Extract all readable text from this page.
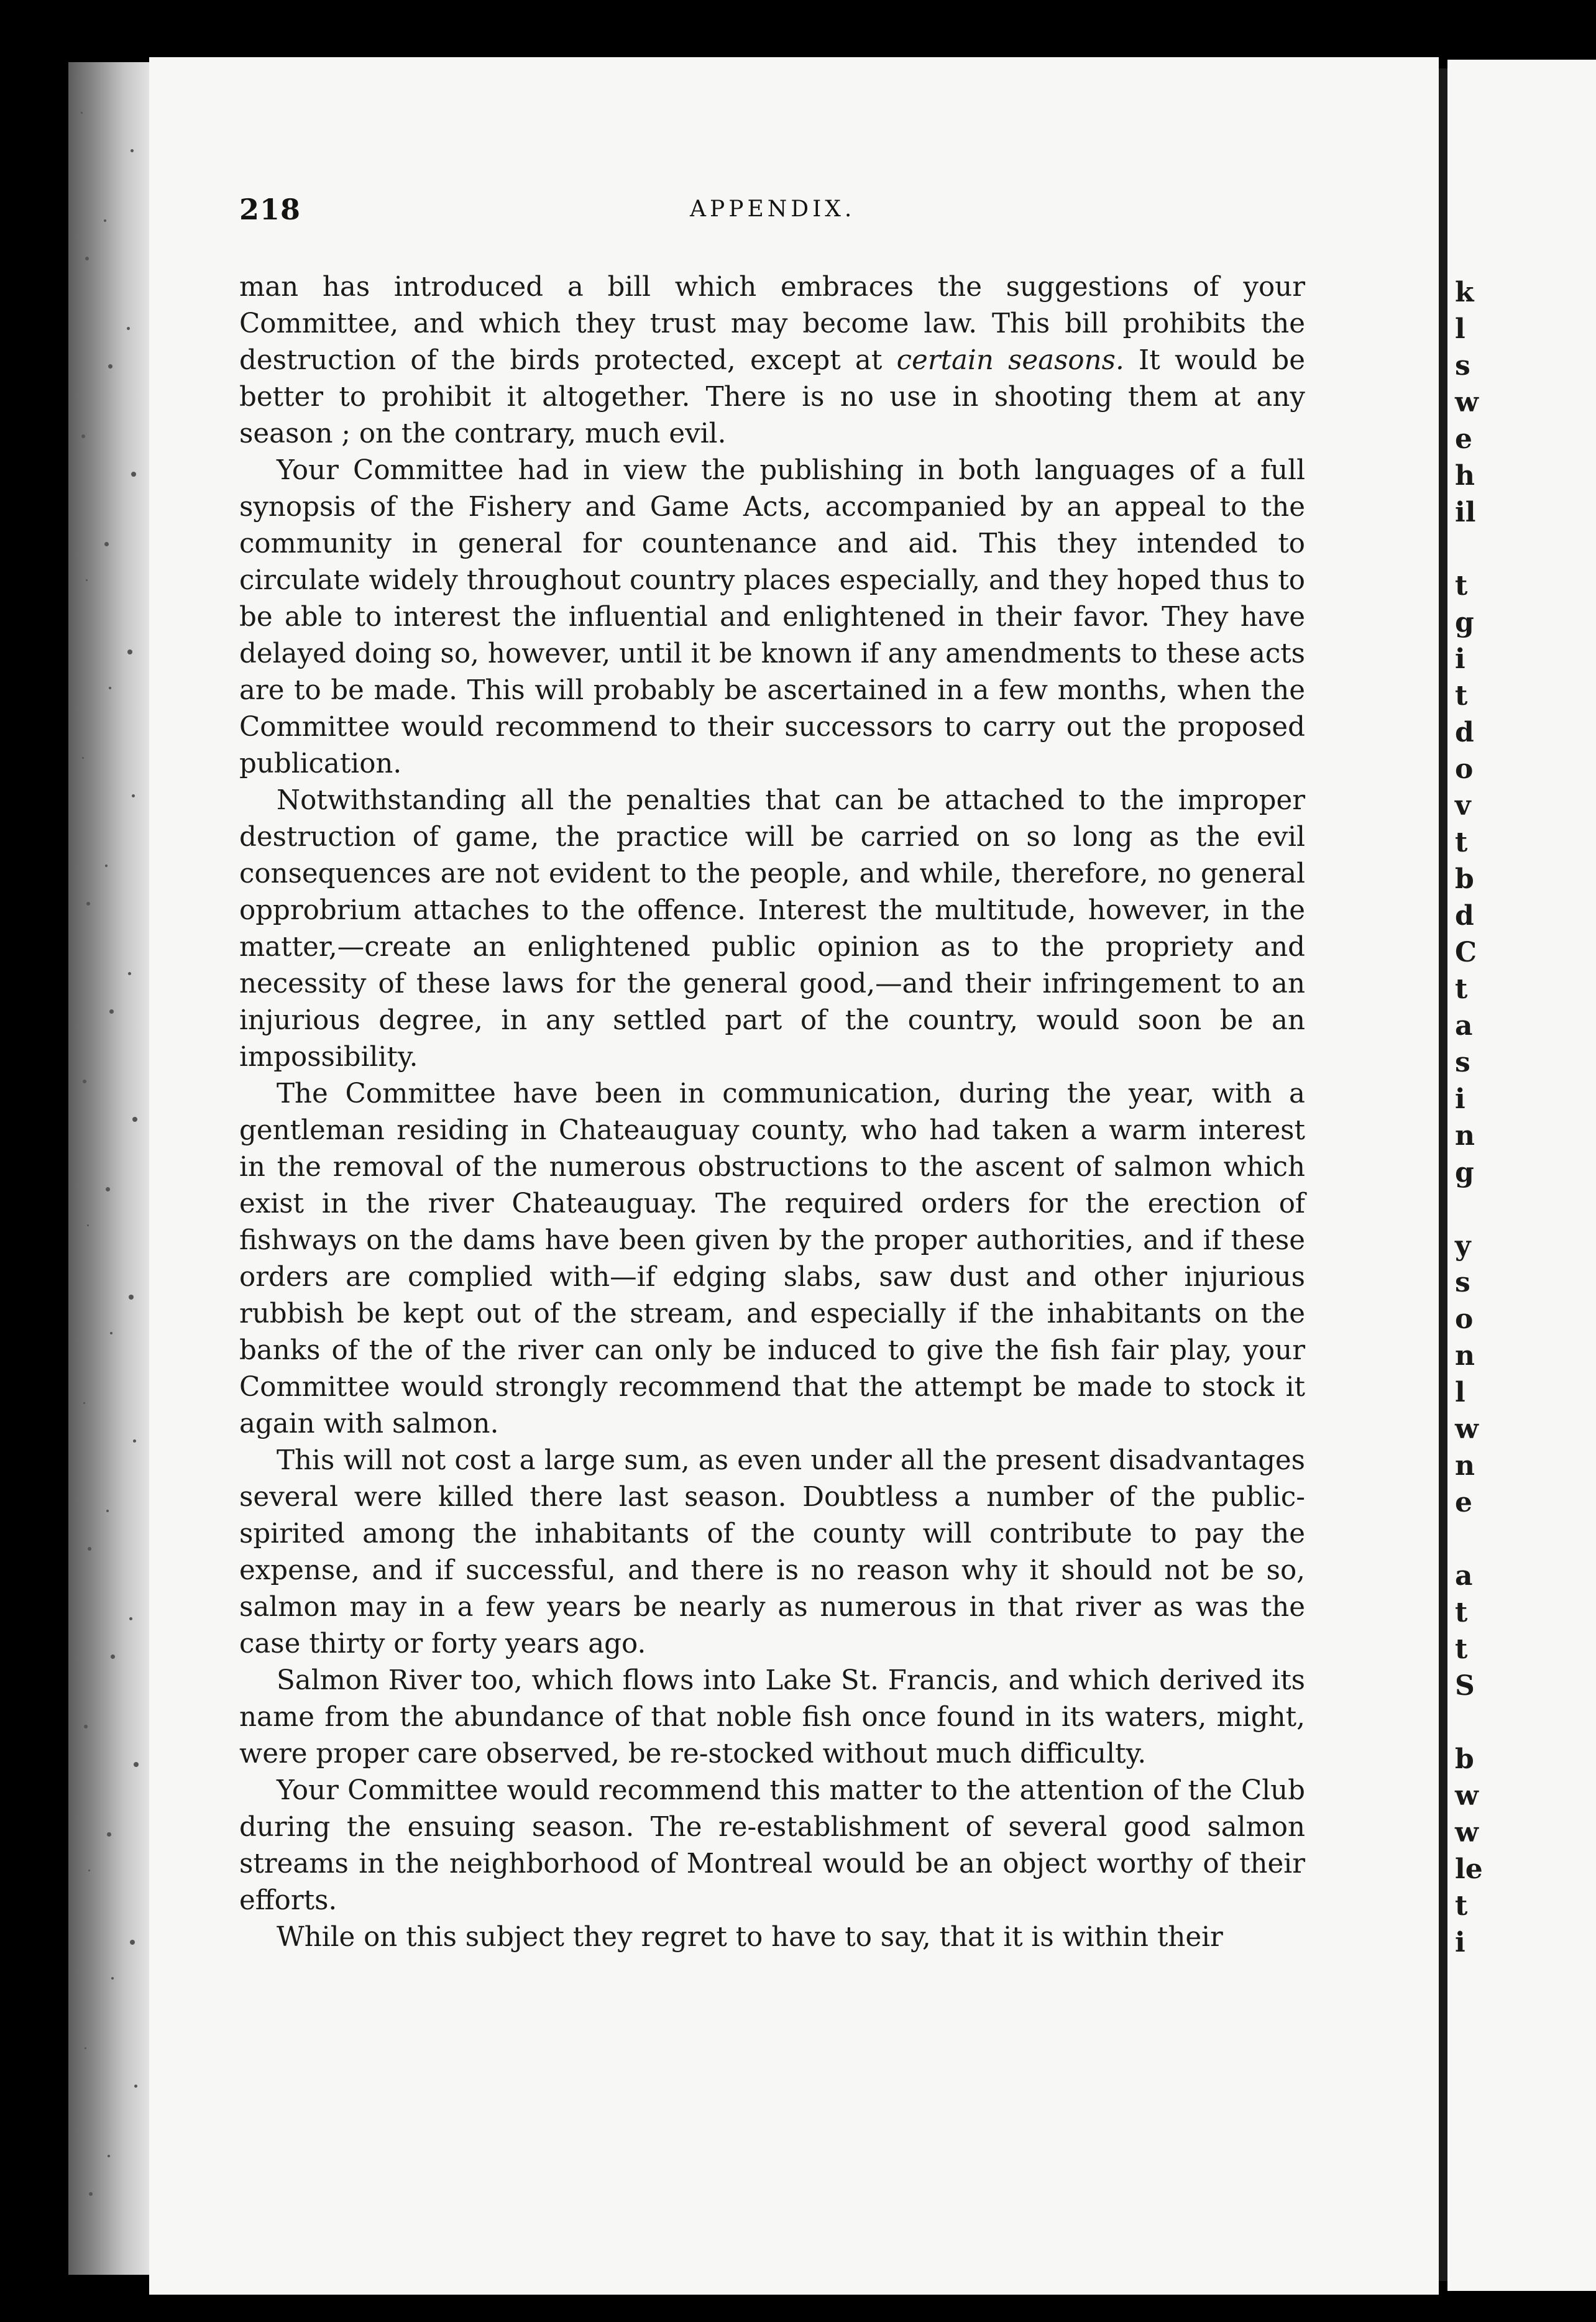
k
l
s
w
e
h
il
t
g
i
t
d
o
v
t
b
d
C
t
a
s
i
n
g
y
s
o
n
l
w
n
e
a
t
t
S
b
w
w
le
t
i
218	APPENDIX.

man has introduced a bill which embraces the suggestions of your Committee, and which they trust may become law. This bill prohibits the destruction of the birds protected, except at certain seasons. It would be better to prohibit it altogether. There is no use in shooting them at any season ; on the contrary, much evil.

Your Committee had in view the publishing in both languages of a full synopsis of the Fishery and Game Acts, accompanied by an appeal to the community in general for countenance and aid. This they intended to circulate widely throughout country places especially, and they hoped thus to be able to interest the influential and enlightened in their favor. They have delayed doing so, however, until it be known if any amendments to these acts are to be made. This will probably be ascertained in a few months, when the Committee would recommend to their successors to carry out the proposed publication.

Notwithstanding all the penalties that can be attached to the improper destruction of game, the practice will be carried on so long as the evil consequences are not evident to the people, and while, therefore, no general opprobrium attaches to the offence. Interest the multitude, however, in the matter,—create an enlightened public opinion as to the propriety and necessity of these laws for the general good,—and their infringement to an injurious degree, in any settled part of the country, would soon be an impossibility.

The Committee have been in communication, during the year, with a gentleman residing in Chateauguay county, who had taken a warm interest in the removal of the numerous obstructions to the ascent of salmon which exist in the river Chateauguay. The required orders for the erection of fishways on the dams have been given by the proper authorities, and if these orders are complied with—if edging slabs, saw dust and other injurious rubbish be kept out of the stream, and especially if the inhabitants on the banks of the of the river can only be induced to give the fish fair play, your Committee would strongly recommend that the attempt be made to stock it again with salmon.

This will not cost a large sum, as even under all the present disadvantages several were killed there last season. Doubtless a number of the public-spirited among the inhabitants of the county will contribute to pay the expense, and if successful, and there is no reason why it should not be so, salmon may in a few years be nearly as numerous in that river as was the case thirty or forty years ago.

Salmon River too, which flows into Lake St. Francis, and which derived its name from the abundance of that noble fish once found in its waters, might, were proper care observed, be re-stocked without much difficulty.

Your Committee would recommend this matter to the attention of the Club during the ensuing season. The re-establishment of several good salmon streams in the neighborhood of Montreal would be an object worthy of their efforts.

While on this subject they regret to have to say, that it is within their
